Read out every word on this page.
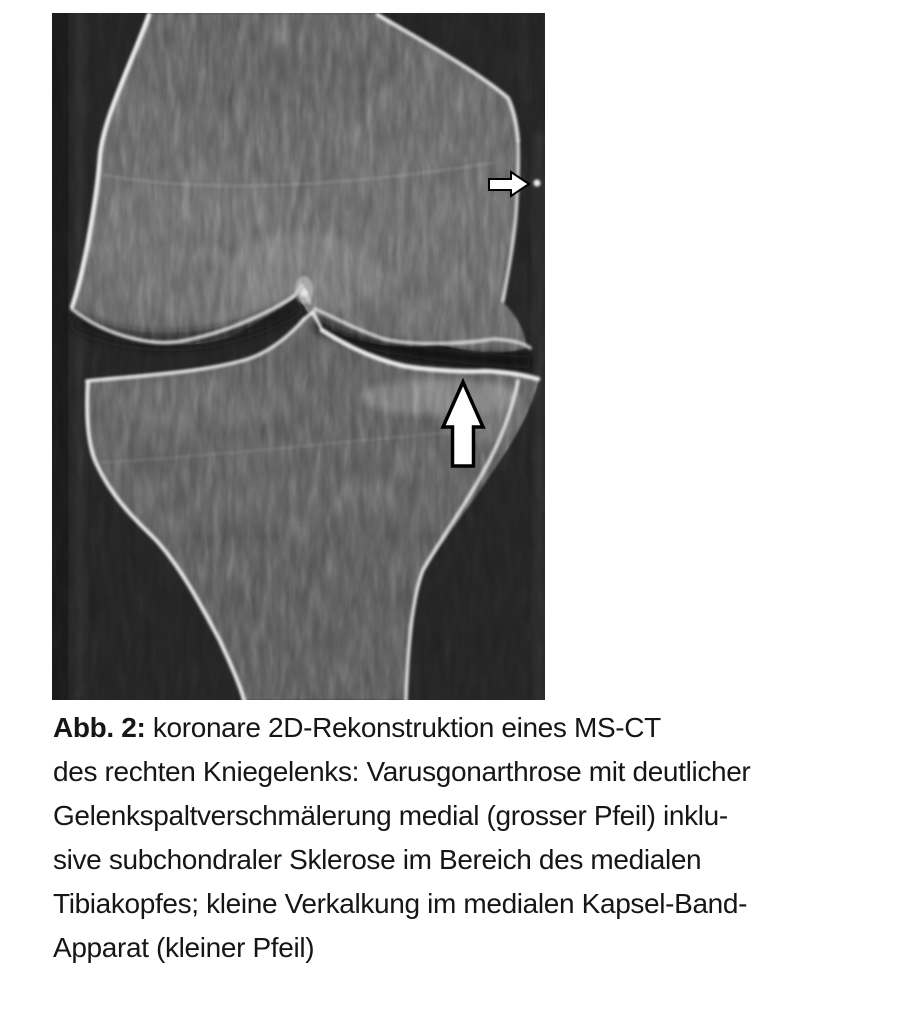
Abb. 2: koronare 2D-Rekonstruktion eines MS-CT
des rechten Kniegelenks: Varusgonarthrose mit deutlicher
Gelenkspaltverschmälerung medial (grosser Pfeil) inklu-
sive subchondraler Sklerose im Bereich des medialen
Tibiakopfes; kleine Verkalkung im medialen Kapsel-Band-
Apparat (kleiner Pfeil)
